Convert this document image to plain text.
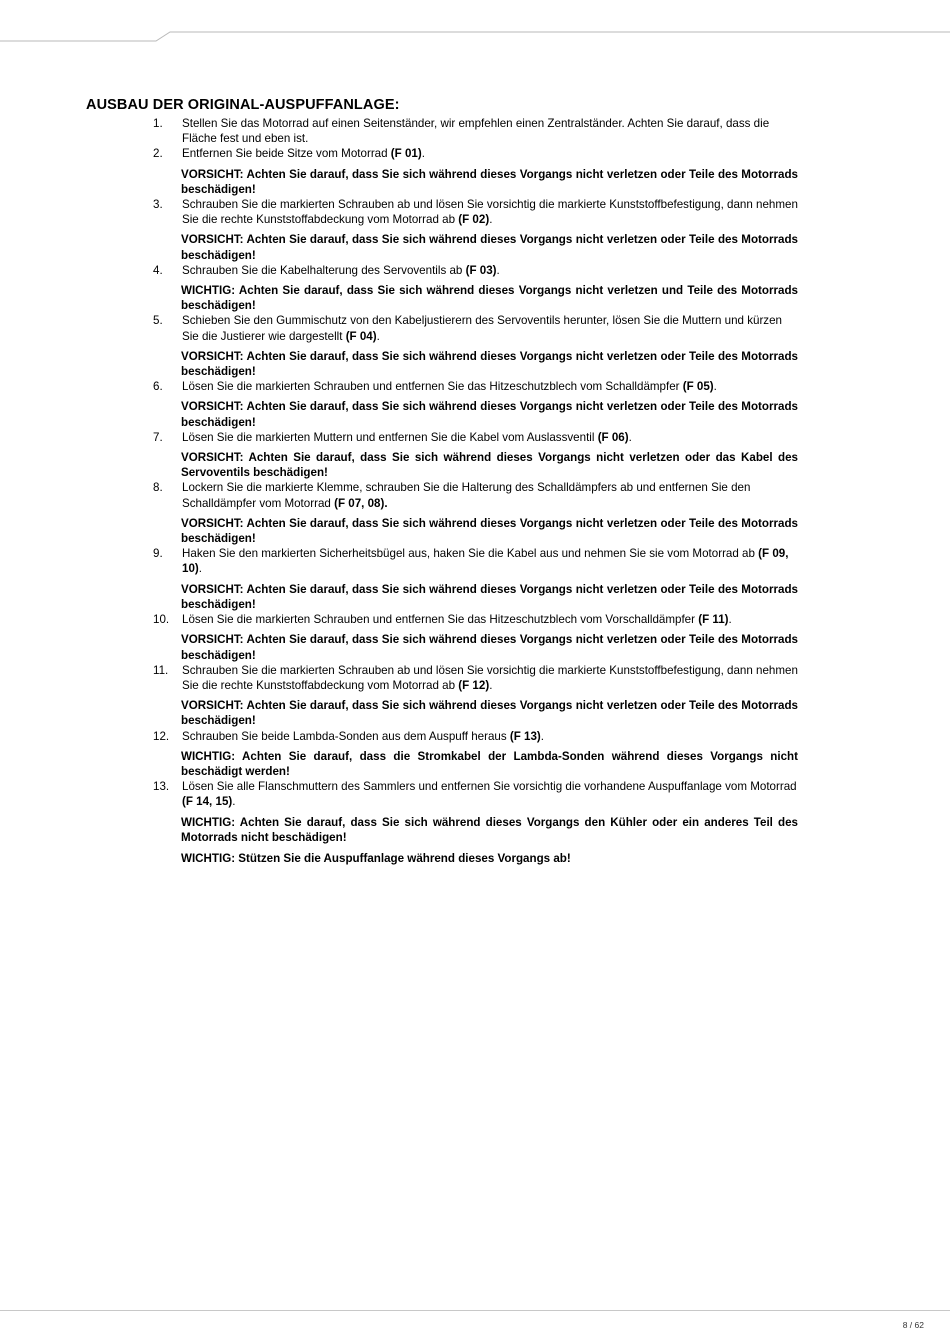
AUSBAU DER ORIGINAL-AUSPUFFANLAGE:
1.	Stellen Sie das Motorrad auf einen Seitenständer, wir empfehlen einen Zentralständer. Achten Sie darauf, dass die Fläche fest und eben ist.
2.	Entfernen Sie beide Sitze vom Motorrad (F 01).
VORSICHT: Achten Sie darauf, dass Sie sich während dieses Vorgangs nicht verletzen oder Teile des Motorrads beschädigen!
3.	Schrauben Sie die markierten Schrauben ab und lösen Sie vorsichtig die markierte Kunststoffbefestigung, dann nehmen Sie die rechte Kunststoffabdeckung vom Motorrad ab (F 02).
VORSICHT: Achten Sie darauf, dass Sie sich während dieses Vorgangs nicht verletzen oder Teile des Motorrads beschädigen!
4.	Schrauben Sie die Kabelhalterung des Servoventils ab (F 03).
WICHTIG: Achten Sie darauf, dass Sie sich während dieses Vorgangs nicht verletzen und Teile des Motorrads beschädigen!
5.	Schieben Sie den Gummischutz von den Kabeljustierern des Servoventils herunter, lösen Sie die Muttern und kürzen Sie die Justierer wie dargestellt (F 04).
VORSICHT: Achten Sie darauf, dass Sie sich während dieses Vorgangs nicht verletzen oder Teile des Motorrads beschädigen!
6.	Lösen Sie die markierten Schrauben und entfernen Sie das Hitzeschutzblech vom Schalldämpfer (F 05).
VORSICHT: Achten Sie darauf, dass Sie sich während dieses Vorgangs nicht verletzen oder Teile des Motorrads beschädigen!
7.	Lösen Sie die markierten Muttern und entfernen Sie die Kabel vom Auslassventil (F 06).
VORSICHT: Achten Sie darauf, dass Sie sich während dieses Vorgangs nicht verletzen oder das Kabel des Servoventils beschädigen!
8.	Lockern Sie die markierte Klemme, schrauben Sie die Halterung des Schalldämpfers ab und entfernen Sie den Schalldämpfer vom Motorrad (F 07, 08).
VORSICHT: Achten Sie darauf, dass Sie sich während dieses Vorgangs nicht verletzen oder Teile des Motorrads beschädigen!
9.	Haken Sie den markierten Sicherheitsbügel aus, haken Sie die Kabel aus und nehmen Sie sie vom Motorrad ab (F 09, 10).
VORSICHT: Achten Sie darauf, dass Sie sich während dieses Vorgangs nicht verletzen oder Teile des Motorrads beschädigen!
10.	Lösen Sie die markierten Schrauben und entfernen Sie das Hitzeschutzblech vom Vorschalldämpfer (F 11).
VORSICHT: Achten Sie darauf, dass Sie sich während dieses Vorgangs nicht verletzen oder Teile des Motorrads beschädigen!
11.	Schrauben Sie die markierten Schrauben ab und lösen Sie vorsichtig die markierte Kunststoffbefestigung, dann nehmen Sie die rechte Kunststoffabdeckung vom Motorrad ab (F 12).
VORSICHT: Achten Sie darauf, dass Sie sich während dieses Vorgangs nicht verletzen oder Teile des Motorrads beschädigen!
12.	Schrauben Sie beide Lambda-Sonden aus dem Auspuff heraus (F 13).
WICHTIG: Achten Sie darauf, dass die Stromkabel der Lambda-Sonden während dieses Vorgangs nicht beschädigt werden!
13.	Lösen Sie alle Flanschmuttern des Sammlers und entfernen Sie vorsichtig die vorhandene Auspuffanlage vom Motorrad (F 14, 15).
WICHTIG: Achten Sie darauf, dass Sie sich während dieses Vorgangs den Kühler oder ein anderes Teil des Motorrads nicht beschädigen!
WICHTIG: Stützen Sie die Auspuffanlage während dieses Vorgangs ab!
8 / 62
